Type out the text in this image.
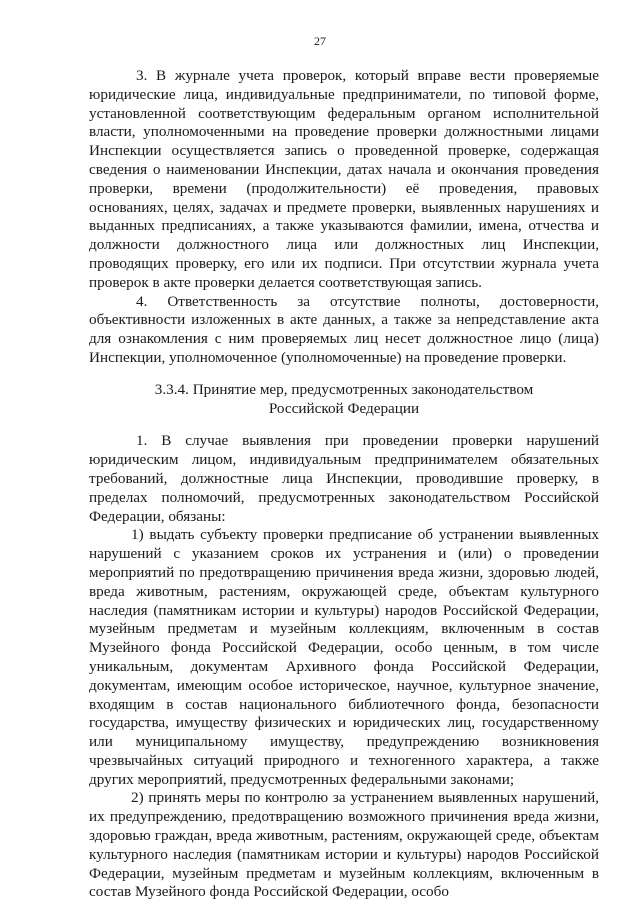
27

3. В журнале учета проверок, который вправе вести проверяемые юридические лица, индивидуальные предприниматели, по типовой форме, установленной соответствующим федеральным органом исполнительной власти, уполномоченными на проведение проверки должностными лицами Инспекции осуществляется запись о проведенной проверке, содержащая сведения о наименовании Инспекции, датах начала и окончания проведения проверки, времени (продолжительности) её проведения, правовых основаниях, целях, задачах и предмете проверки, выявленных нарушениях и выданных предписаниях, а также указываются фамилии, имена, отчества и должности должностного лица или должностных лиц Инспекции, проводящих проверку, его или их подписи. При отсутствии журнала учета проверок в акте проверки делается соответствующая запись.

4. Ответственность за отсутствие полноты, достоверности, объективности изложенных в акте данных, а также за непредставление акта для ознакомления с ним проверяемых лиц несет должностное лицо (лица) Инспекции, уполномоченное (уполномоченные) на проведение проверки.

3.3.4. Принятие мер, предусмотренных законодательством
Российской Федерации

1. В случае выявления при проведении проверки нарушений юридическим лицом, индивидуальным предпринимателем обязательных требований, должностные лица Инспекции, проводившие проверку, в пределах полномочий, предусмотренных законодательством Российской Федерации, обязаны:

1) выдать субъекту проверки предписание об устранении выявленных нарушений с указанием сроков их устранения и (или) о проведении мероприятий по предотвращению причинения вреда жизни, здоровью людей, вреда животным, растениям, окружающей среде, объектам культурного наследия (памятникам истории и культуры) народов Российской Федерации, музейным предметам и музейным коллекциям, включенным в состав Музейного фонда Российской Федерации, особо ценным, в том числе уникальным, документам Архивного фонда Российской Федерации, документам, имеющим особое историческое, научное, культурное значение, входящим в состав национального библиотечного фонда, безопасности государства, имуществу физических и юридических лиц, государственному или муниципальному имуществу, предупреждению возникновения чрезвычайных ситуаций природного и техногенного характера, а также других мероприятий, предусмотренных федеральными законами;

2) принять меры по контролю за устранением выявленных нарушений, их предупреждению, предотвращению возможного причинения вреда жизни, здоровью граждан, вреда животным, растениям, окружающей среде, объектам культурного наследия (памятникам истории и культуры) народов Российской Федерации, музейным предметам и музейным коллекциям, включенным в состав Музейного фонда Российской Федерации, особо
